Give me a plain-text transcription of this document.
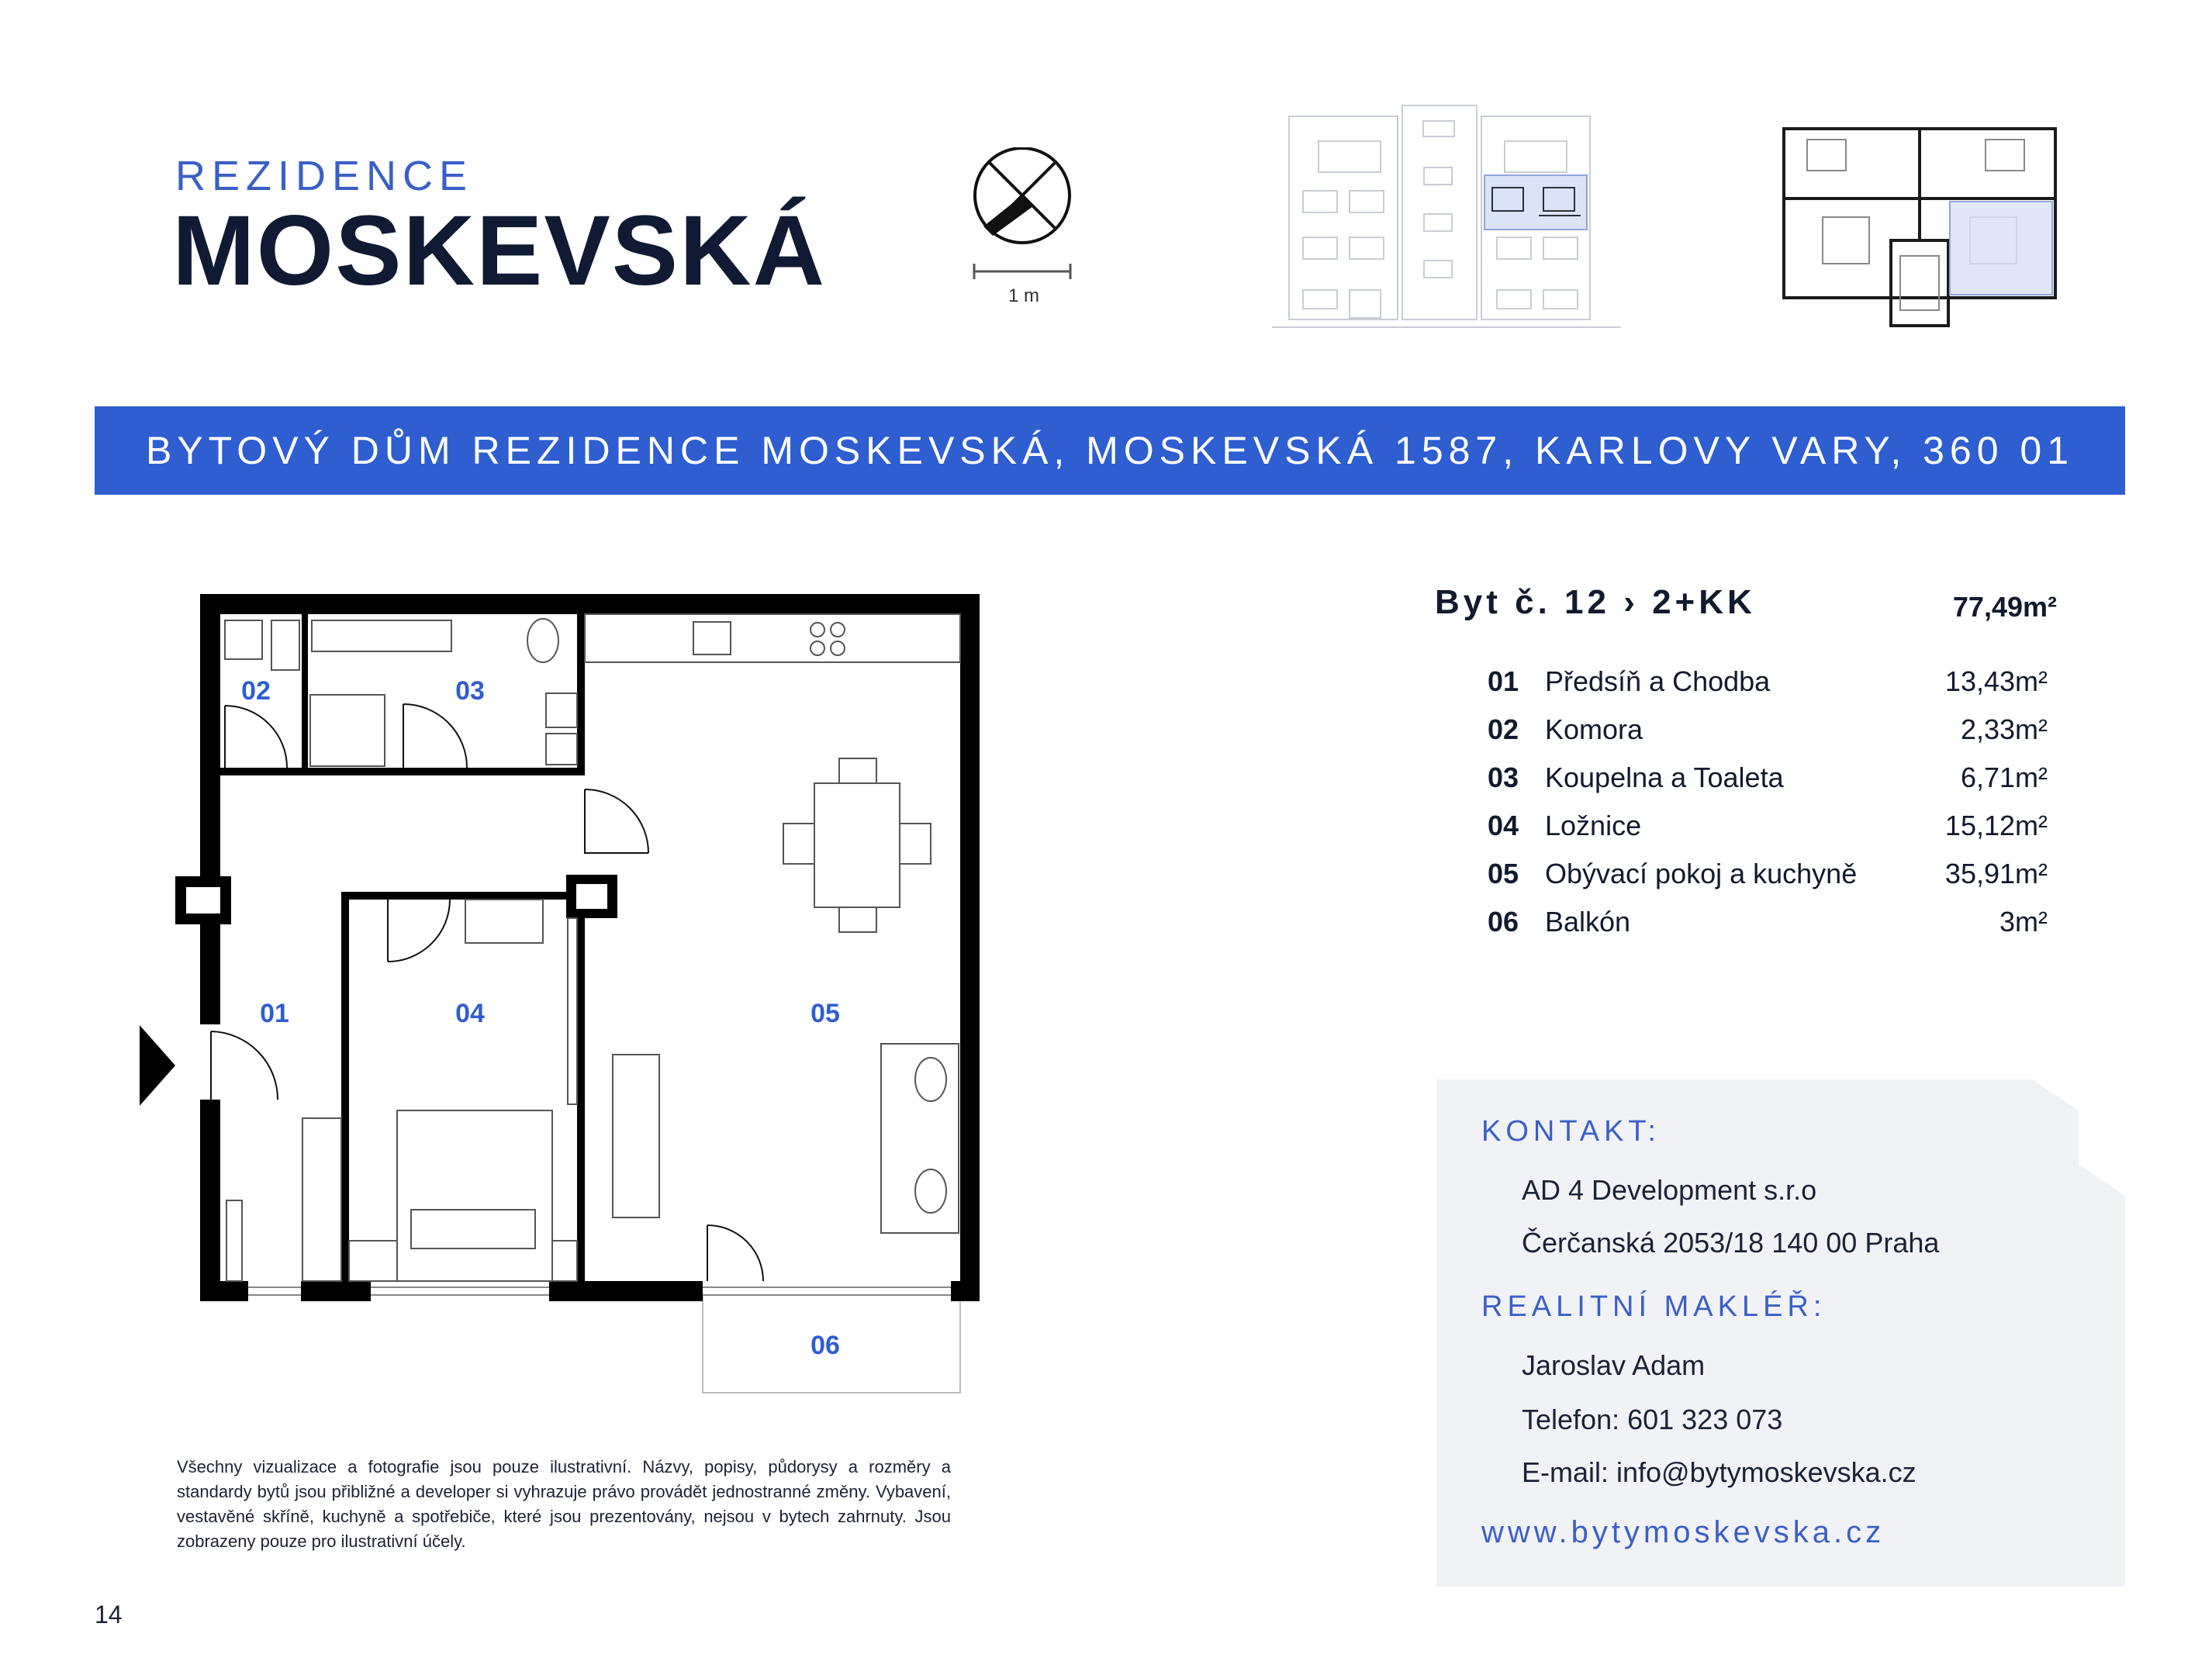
REZIDENCE
MOSKEVSKÁ	1 m
BYTOVÝ DŮM REZIDENCE MOSKEVSKÁ, MOSKEVSKÁ 1587, KARLOVY VARY, 360 01
02	03
01	04	05
06
Byt č. 12 › 2+KK	77,49m²
01 Předsíň a Chodba	13,43m²
02 Komora	2,33m²
03 Koupelna a Toaleta	6,71m²
04 Ložnice	15,12m²
05 Obývací pokoj a kuchyně	35,91m²
06 Balkón	3m²
KONTAKT:
AD 4 Development s.r.o
Čerčanská 2053/18 140 00 Praha
REALITNÍ MAKLÉŘ:
Jaroslav Adam
Telefon: 601 323 073
E-mail: info@bytymoskevska.cz
www.bytymoskevska.cz
Všechny vizualizace a fotografie jsou pouze ilustrativní. Názvy, popisy, půdorysy a rozměry a standardy bytů jsou přibližné a developer si vyhrazuje právo provádět jednostranné změny. Vybavení, vestavěné skříně, kuchyně a spotřebiče, které jsou prezentovány, nejsou v bytech zahrnuty. Jsou zobrazeny pouze pro ilustrativní účely.
14
